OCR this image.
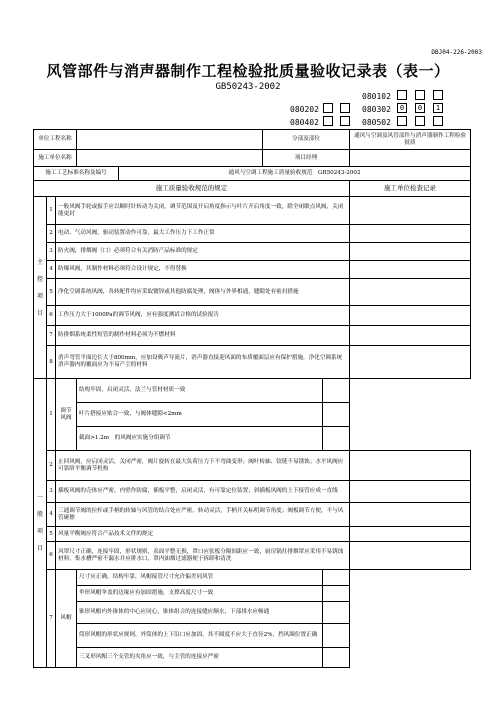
DBJ04-226-2003
风管部件与消声器制作工程检验批质量验收记录表（表一）
GB50243-2002
080102
080202	080302	0	0	1
080402	080502
单位工程名称					分部及部位		通风与空调及风管部件与消声器制作工程检验批质
施工单位名称					项目经理		
施工工艺标准名称及编号				通风与空调工程施工质量验收规范　GB50243-2002			
施工质量验收规范的规定							施工单位检查记录

主
控
项
目	1	一般风阀手轮或扳手应以顺时针转动为关闭，调节范围及开启角度指示与叶片开启角度一致，除全闭歇点风阀，关闭能更封					
	2	电动、气动风阀，驱动装置动作可靠，最大工作压力下工作正常					
	3	防火阀，排烟阀（口）必须符合有关消防产品标准的规定					
	4	防爆风阀，其制作材料必须符合设计规定，不得替换					
	5	净化空调系统风阀，各转配件均应采取镀锌或其他防腐处理，阀体与外界相通，缝隙处有密封措施					
	6	工作压力大于1000Pa的调节风阀，应有强度测试合格的试验报告					
	7	防排烟系统柔性短管的制作材料必须为不燃材料					
	8	消声弯管平面边长大于800mm，应加设吸声导流片，消声器直接迎风面的布质覆面层应有保护措施，净化空调系统消声器内的覆面应为不易产尘的材料					

一
般
项
目	1	调节风阀	结构牢固，启闭灵活，法兰与管材材质一致				
			叶片搭接应贴合一致，与阀体缝隙<2mm				
			截面>1.2m　的风阀应实施分组调节				
	2	止回风阀，应启闭灵活，关闭严密，阀片旋转在最大负荷压力下不弯曲变形；阀叶转轴、铰链不易锈蚀；水平风阀应可靠阶平衡调节机构					
	3	插板风阀的壳体应严密，内壁作防腐，插板平整，启闭灵活，有可靠定位装置；斜插板风阀的上下接管应成一直线					
	4	三通调节阀的拉杆或手柄的转轴与风管的结合处应严密，转动灵活，手柄开关标明调节角度；阀板调节方便，不与风管碰擦					
	5	风量平衡阀应符合产品技术文件的规定					
	6	风罩尺寸正确，连接牢固，形状规则，表面平整无损，罩口应张板分隔间距应一致，厨房锅灶排烟罩应采用不易锈蚀材料，集水槽严密不漏水并应排水口，罩内油烟过滤器便于拆卸和清洗					
	7	风帽	尺寸应正确，结构牢靠，风帽接管尺寸允许偏差同风管				
			伞形风帽伞盖的边缘应有加固措施，支撑高度尺寸一致				
			锥形风帽内外锥体的中心应同心，锥体组合的连接缝应顺水，下部排水应畅通				
			筒形风帽的形状应规则，外筒体的上下沿口应加固，其不圆度不应大于直径2%，挡风圈位置正确				
			三叉形风帽三个支管的夹角应一致，与主管的连接应严密				
